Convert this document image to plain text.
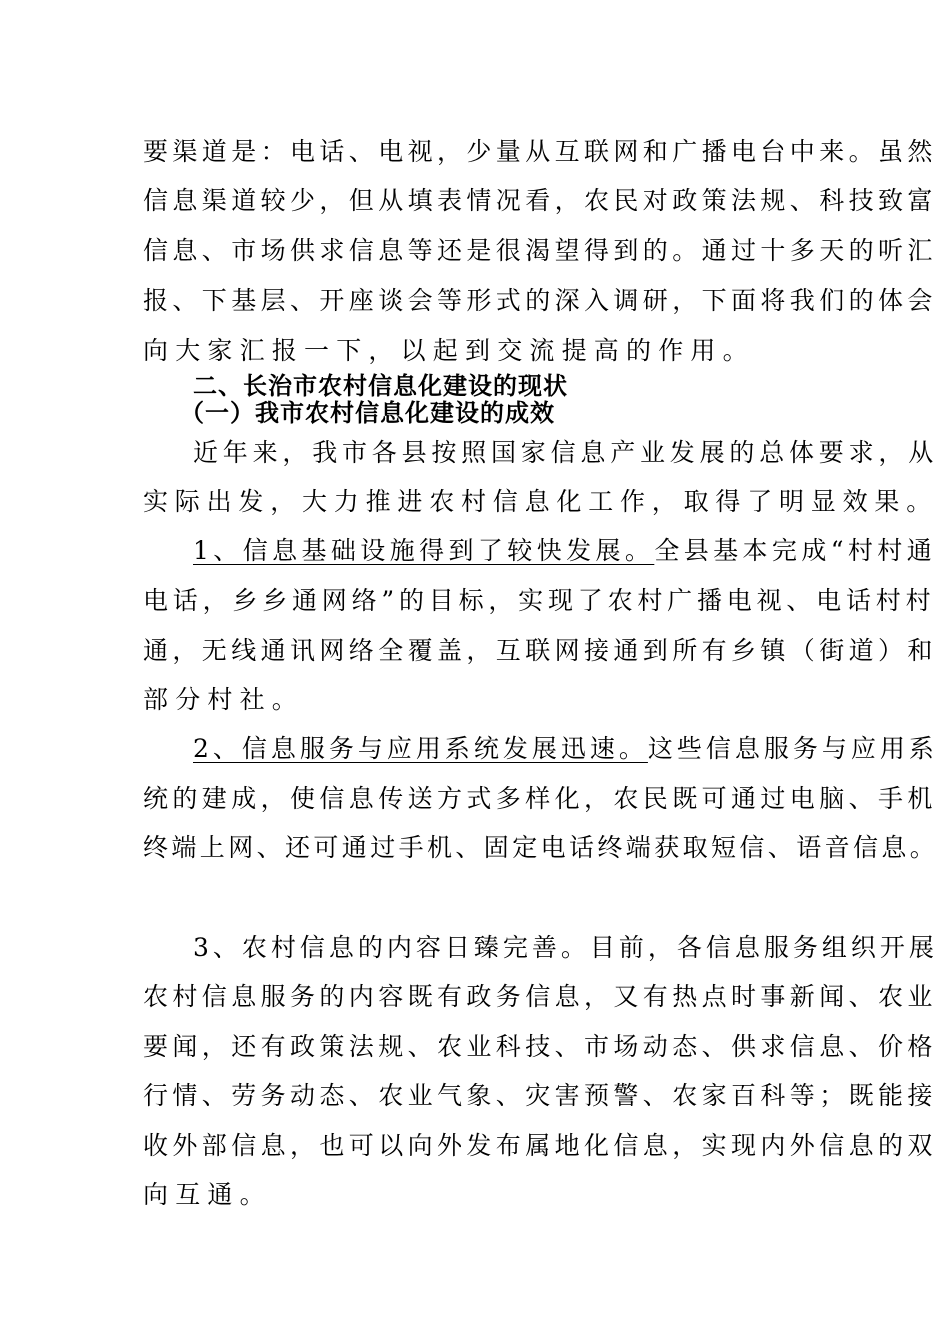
要渠道是：电话、电视，少量从互联网和广播电台中来。虽然
信息渠道较少，但从填表情况看，农民对政策法规、科技致富
信息、市场供求信息等还是很渴望得到的。通过十多天的听汇
报、下基层、开座谈会等形式的深入调研，下面将我们的体会
向大家汇报一下，以起到交流提高的作用。
二、长治市农村信息化建设的现状
（一）我市农村信息化建设的成效
近年来，我市各县按照国家信息产业发展的总体要求，从
实际出发，大力推进农村信息化工作，取得了明显效果。
1、信息基础设施得到了较快发展。全县基本完成“村村通
电话，乡乡通网络”的目标，实现了农村广播电视、电话村村
通，无线通讯网络全覆盖，互联网接通到所有乡镇（街道）和
部分村社。
2、信息服务与应用系统发展迅速。这些信息服务与应用系
统的建成，使信息传送方式多样化，农民既可通过电脑、手机
终端上网、还可通过手机、固定电话终端获取短信、语音信息。
3、农村信息的内容日臻完善。目前，各信息服务组织开展
农村信息服务的内容既有政务信息，又有热点时事新闻、农业
要闻，还有政策法规、农业科技、市场动态、供求信息、价格
行情、劳务动态、农业气象、灾害预警、农家百科等；既能接
收外部信息，也可以向外发布属地化信息，实现内外信息的双
向互通。
